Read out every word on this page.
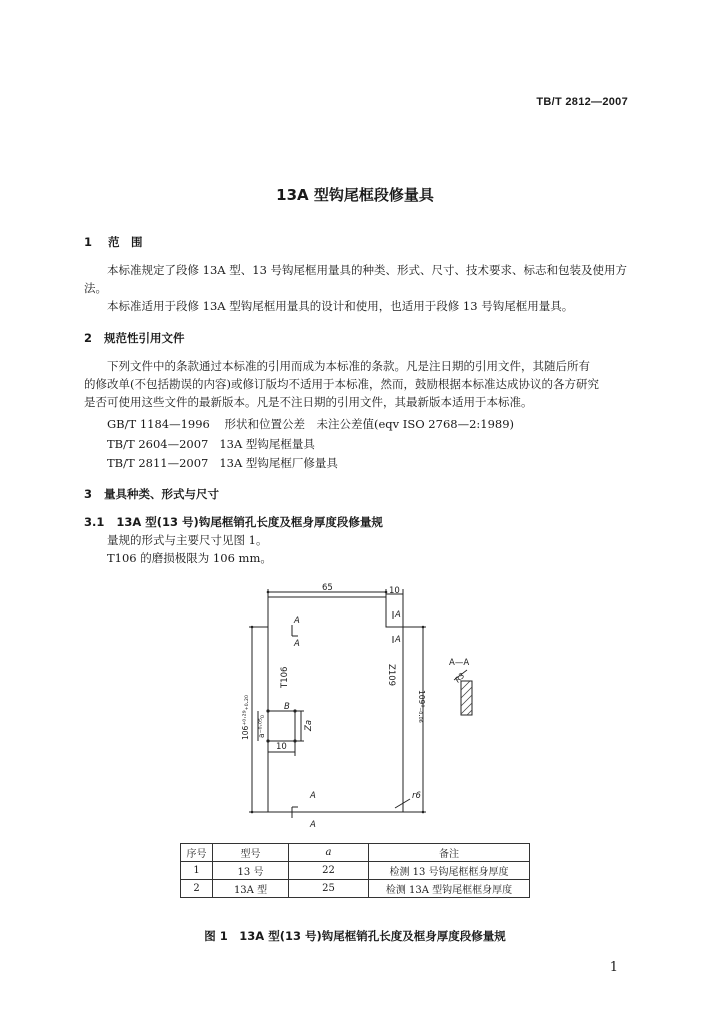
TB/T 2812—2007
13A 型钩尾框段修量具
1 范　围
本标准规定了段修 13A 型、13 号钩尾框用量具的种类、形式、尺寸、技术要求、标志和包装及使用方
法。
本标准适用于段修 13A 型钩尾框用量具的设计和使用，也适用于段修 13 号钩尾框用量具。
2 规范性引用文件
下列文件中的条款通过本标准的引用而成为本标准的条款。凡是注日期的引用文件，其随后所有
的修改单(不包括勘误的内容)或修订版均不适用于本标准，然而，鼓励根据本标准达成协议的各方研究
是否可使用这些文件的最新版本。凡是不注日期的引用文件，其最新版本适用于本标准。
GB/T 1184—1996 形状和位置公差　未注公差值(eqv ISO 2768—2:1989)
TB/T 2604—2007 13A 型钩尾框量具
TB/T 2811—2007 13A 型钩尾框厂修量具
3 量具种类、形式与尺寸
3.1 13A 型(13 号)钩尾框销孔长度及框身厚度段修量规
量规的形式与主要尺寸见图 1。
T106 的磨损极限为 106 mm。
65	10
10
B
r6
A—A
A
A
A
A
A
A
T106	Z109
Za
a⁻⁰·⁰⁵₀
106⁺⁰·²⁹₊₀.₂₀	109⁰₋₀.₀₆
R3
序号	型号	a	备注
1	13 号	22	检测 13 号钩尾框框身厚度
2	13A 型	25	检测 13A 型钩尾框框身厚度
图 1　13A 型(13 号)钩尾框销孔长度及框身厚度段修量规
1
